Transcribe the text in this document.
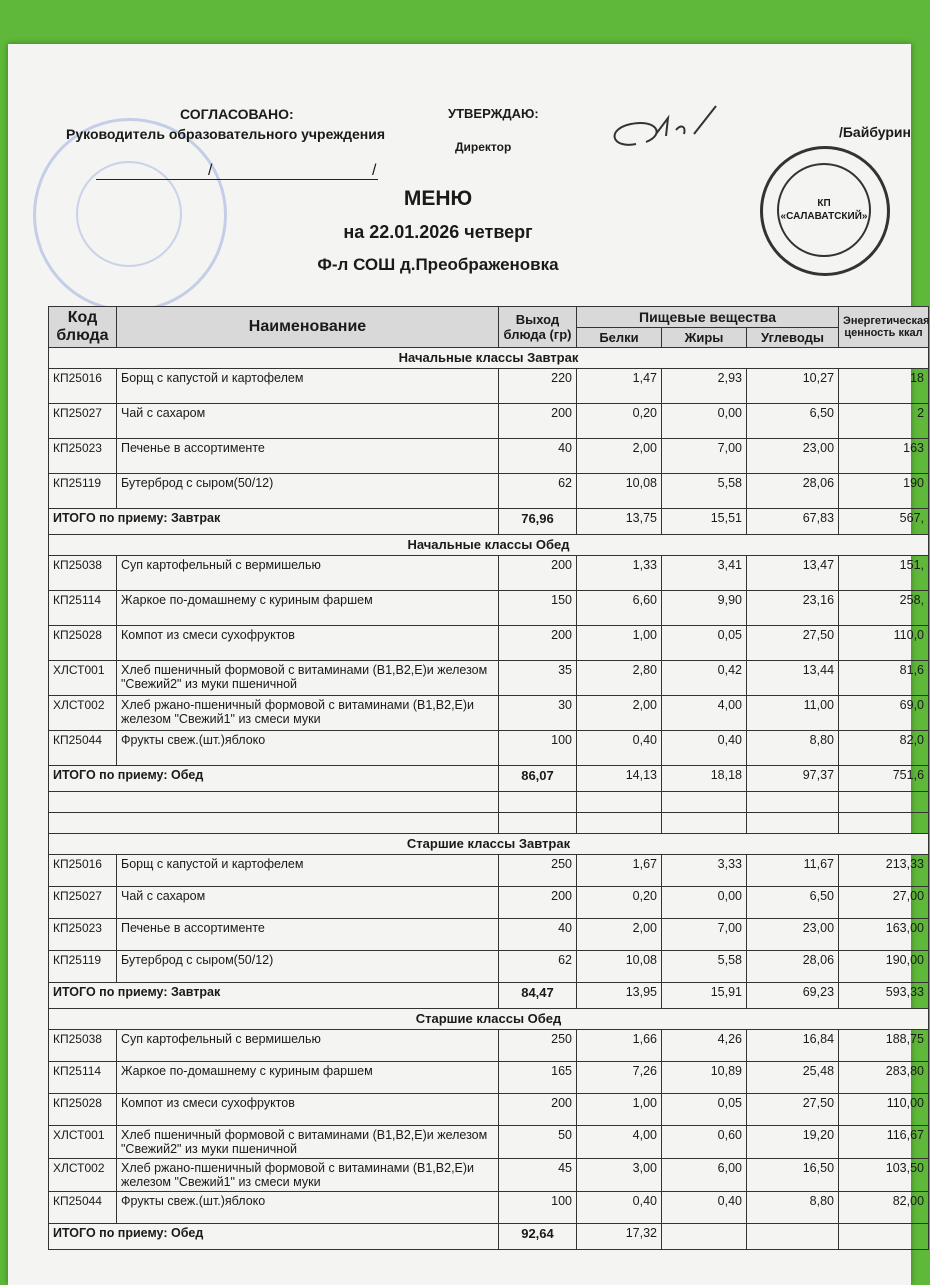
СОГЛАСОВАНО:
Руководитель образовательного учреждения
/	/
УТВЕРЖДАЮ:
Директор
/Байбурин
КП
«САЛАВАТСКИЙ»
МЕНЮ
на 22.01.2026 четверг
Ф-л СОШ д.Преображеновка
Код блюда	Наименование	Выход блюда (гр)	Пищевые вещества			Энергетическая ценность ккал
			Белки	Жиры	Углеводы	
Начальные классы Завтрак						
КП25016	Борщ с капустой и картофелем	220	1,47	2,93	10,27	18
КП25027	Чай с сахаром	200	0,20	0,00	6,50	2
КП25023	Печенье в ассортименте	40	2,00	7,00	23,00	163
КП25119	Бутерброд с сыром(50/12)	62	10,08	5,58	28,06	190
ИТОГО по приему: Завтрак		76,96	13,75	15,51	67,83	567,
Начальные классы Обед						
КП25038	Суп картофельный с вермишелью	200	1,33	3,41	13,47	151,
КП25114	Жаркое по-домашнему с куриным фаршем	150	6,60	9,90	23,16	258,
КП25028	Компот из смеси сухофруктов	200	1,00	0,05	27,50	110,0
ХЛСТ001	Хлеб пшеничный формовой с витаминами (В1,В2,Е)и железом "Свежий2" из муки пшеничной	35	2,80	0,42	13,44	81,6
ХЛСТ002	Хлеб ржано-пшеничный формовой с витаминами (В1,В2,Е)и железом "Свежий1" из смеси муки	30	2,00	4,00	11,00	69,0
КП25044	Фрукты свеж.(шт.)яблоко	100	0,40	0,40	8,80	82,0
ИТОГО по приему: Обед		86,07	14,13	18,18	97,37	751,6

Старшие классы Завтрак						
КП25016	Борщ с капустой и картофелем	250	1,67	3,33	11,67	213,33
КП25027	Чай с сахаром	200	0,20	0,00	6,50	27,00
КП25023	Печенье в ассортименте	40	2,00	7,00	23,00	163,00
КП25119	Бутерброд с сыром(50/12)	62	10,08	5,58	28,06	190,00
ИТОГО по приему: Завтрак		84,47	13,95	15,91	69,23	593,33
Старшие классы Обед						
КП25038	Суп картофельный с вермишелью	250	1,66	4,26	16,84	188,75
КП25114	Жаркое по-домашнему с куриным фаршем	165	7,26	10,89	25,48	283,80
КП25028	Компот из смеси сухофруктов	200	1,00	0,05	27,50	110,00
ХЛСТ001	Хлеб пшеничный формовой с витаминами (В1,В2,Е)и железом "Свежий2" из муки пшеничной	50	4,00	0,60	19,20	116,67
ХЛСТ002	Хлеб ржано-пшеничный формовой с витаминами (В1,В2,Е)и железом "Свежий1" из смеси муки	45	3,00	6,00	16,50	103,50
КП25044	Фрукты свеж.(шт.)яблоко	100	0,40	0,40	8,80	82,00
ИТОГО по приему: Обед		92,64	17,32			
